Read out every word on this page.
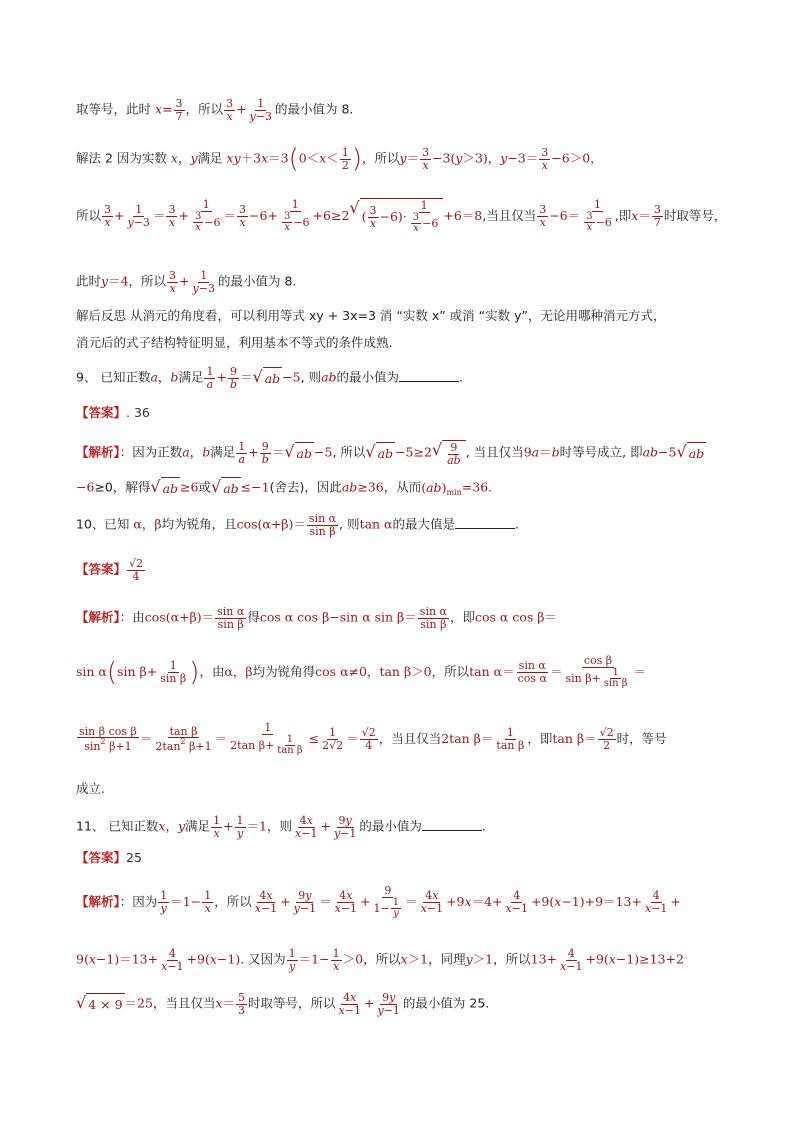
取等号，此时 $x= \frac{3}{7}$ ，所以 $\frac{3}{x} + \frac{1}{y-3}$ 的最小值为 8.
解法 2 因为实数 x，y满足 $xy+3x=3(0<x< \frac{1}{2}$ )，所以$y= \frac{3}{x} -3(y>3)$，$y-3= \frac{3}{x} -6>0$，
所以 $\frac{3}{x} + \frac{1}{y-3} = \frac{3}{x} + \frac{1}{\frac{3}{x} -6} = \frac{3}{x} -6+ \frac{1}{\frac{3}{x} -6} +6\ge 2$ √ ( $\frac{3}{x} -6)\cdot \frac{1}{\frac{3}{x} -6} +6=8$,当且仅当 $\frac{3}{x} -6= \frac{1}{\frac{3}{x} -6}$ ,即$x= \frac{3}{7}$ 时取等号，
此时y＝4，所以 $\frac{3}{x} + \frac{1}{y-3}$ 的最小值为 8.
解后反思 从消元的角度看，可以利用等式 xy + 3x=3 消 “实数 x” 或消 “实数 y”，无论用哪种消元方式，
消元后的式子结构特征明显，利用基本不等式的条件成熟.
9、 已知正数a，b满足 $\frac{1}{a} + \frac{9}{b}$ ＝ √ ab −5, 则ab的最小值为	.
【答案】. 36
【解析】：因为正数a，b满足 $\frac{1}{a} + \frac{9}{b}$ ＝ √ ab −5, 所以 √ ab −5≥2 √ $\frac{9}{ab}$ , 当且仅当9a＝b时等号成立, 即ab−5 √ ab
−6≥0，解得 √ ab ≥6或 √ ab ≤−1(舍去)，因此ab≥36，从而$(ab)_{min}=36$.
10、已知 α，β均为锐角，且$\cos(\alpha+\beta)= \frac{\text{sin α}}{\text{sin β}}$ , 则tan α的最大值是	.
【答案】 $\frac{√2}{4}$
【解析】：由$\cos(\alpha+\beta)= \frac{\text{sin α}}{\text{sin β}}$ 得cos α cos β−sin α $\sin \beta= \frac{\text{sin α}}{\text{sin β}}$ ，即cos α cos β＝
sin α(sin $\beta+ \frac{1}{\text{sin β}}$ )，由α，β均为锐角得cos α≠0，tan β＞0，所以$\tan \alpha= \frac{\text{sin α}}{\text{cos α}} = \frac{\text{cos β}}{\sin \beta+ \frac{1}{\text{sin β}}}$ ＝
$\frac{\text{sin β cos β}}{\sin^2 \beta+1} = \frac{\text{tan β}}{2\tan^2 \beta+1} = \frac{1}{2\tan \beta+ \frac{1}{\text{tan β}}} \le \frac{1}{2√2} = \frac{√2}{4}$ ，当且仅当2tan $\beta= \frac{1}{\text{tan β}}$ ，即$\tan \beta= \frac{√2}{2}$ 时，等号
成立.
11、 已知正数x，y满足 $\frac{1}{x} + \frac{1}{y} =1$，则 $\frac{4x}{x-1} + \frac{9y}{y-1}$ 的最小值为	.
【答案】25
【解析】：因为 $\frac{1}{y} =1- \frac{1}{x}$ ，所以 $\frac{4x}{x-1} + \frac{9y}{y-1} = \frac{4x}{x-1} + \frac{9}{1- \frac{1}{y}} = \frac{4x}{x-1} +9x=4+ \frac{4}{x-1} +9(x-1)+9=13+ \frac{4}{x-1}$ +
$9(x-1)=13+ \frac{4}{x-1} +9(x-1)$. 又因为 $\frac{1}{y} =1- \frac{1}{x} >0$，所以x＞1，同理y＞1，所以$13+ \frac{4}{x-1} +9(x-1)\ge 13+2$
√ 4 × 9 ＝25，当且仅当$x= \frac{5}{3}$ 时取等号，所以 $\frac{4x}{x-1} + \frac{9y}{y-1}$ 的最小值为 25.
